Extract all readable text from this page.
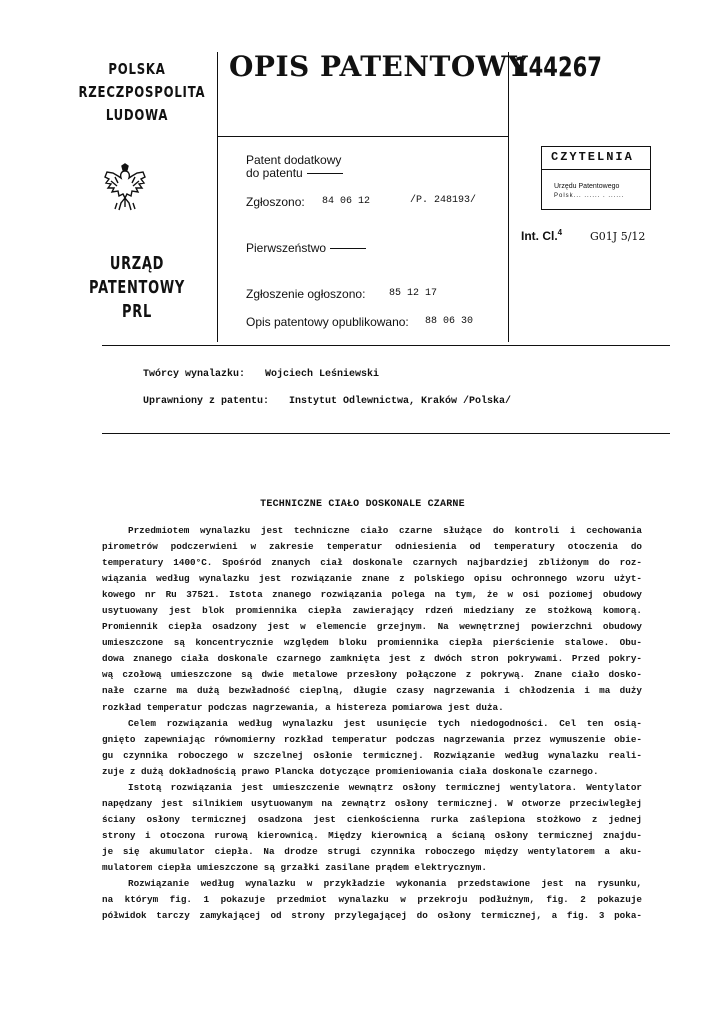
POLSKA
RZECZPOSPOLITA
LUDOWA
URZĄD
PATENTOWY
PRL
OPIS PATENTOWY
144267
Patent dodatkowy
do patentu
Zgłoszono: 84 06 12	/P. 248193/
Pierwszeństwo
Zgłoszenie ogłoszono: 85 12 17
Opis patentowy opublikowano: 88 06 30
CZYTELNIA
Urzędu Patentowego
Polsk... ...... . ......
Int. Cl.$^4$	G01J 5/12
Twórcy wynalazku: Wojciech Leśniewski
Uprawniony z patentu: Instytut Odlewnictwa, Kraków /Polska/
TECHNICZNE CIAŁO DOSKONALE CZARNE

Przedmiotem wynalazku jest techniczne ciało czarne służące do kontroli i cechowania

pirometrów podczerwieni w zakresie temperatur odniesienia od temperatury otoczenia do

temperatury 1400°C. Spośród znanych ciał doskonale czarnych najbardziej zbliżonym do roz-

wiązania według wynalazku jest rozwiązanie znane z polskiego opisu ochronnego wzoru użyt-

kowego nr Ru 37521. Istota znanego rozwiązania polega na tym, że w osi poziomej obudowy

usytuowany jest blok promiennika ciepła zawierający rdzeń miedziany ze stożkową komorą.

Promiennik ciepła osadzony jest w elemencie grzejnym. Na wewnętrznej powierzchni obudowy

umieszczone są koncentrycznie względem bloku promiennika ciepła pierścienie stalowe. Obu-

dowa znanego ciała doskonale czarnego zamknięta jest z dwóch stron pokrywami. Przed pokry-

wą czołową umieszczone są dwie metalowe przesłony połączone z pokrywą. Znane ciało dosko-

nałe czarne ma dużą bezwładność cieplną, długie czasy nagrzewania i chłodzenia i ma duży

rozkład temperatur podczas nagrzewania, a histereza pomiarowa jest duża.

Celem rozwiązania według wynalazku jest usunięcie tych niedogodności. Cel ten osią-

gnięto zapewniając równomierny rozkład temperatur podczas nagrzewania przez wymuszenie obie-

gu czynnika roboczego w szczelnej osłonie termicznej. Rozwiązanie według wynalazku reali-

zuje z dużą dokładnością prawo Plancka dotyczące promieniowania ciała doskonale czarnego.

Istotą rozwiązania jest umieszczenie wewnątrz osłony termicznej wentylatora. Wentylator

napędzany jest silnikiem usytuowanym na zewnątrz osłony termicznej. W otworze przeciwległej

ściany osłony termicznej osadzona jest cienkościenna rurka zaślepiona stożkowo z jednej

strony i otoczona rurową kierownicą. Między kierownicą a ścianą osłony termicznej znajdu-

je się akumulator ciepła. Na drodze strugi czynnika roboczego między wentylatorem a aku-

mulatorem ciepła umieszczone są grzałki zasilane prądem elektrycznym.

Rozwiązanie według wynalazku w przykładzie wykonania przedstawione jest na rysunku,

na którym fig. 1 pokazuje przedmiot wynalazku w przekroju podłużnym, fig. 2 pokazuje

półwidok tarczy zamykającej od strony przylegającej do osłony termicznej, a fig. 3 poka-
